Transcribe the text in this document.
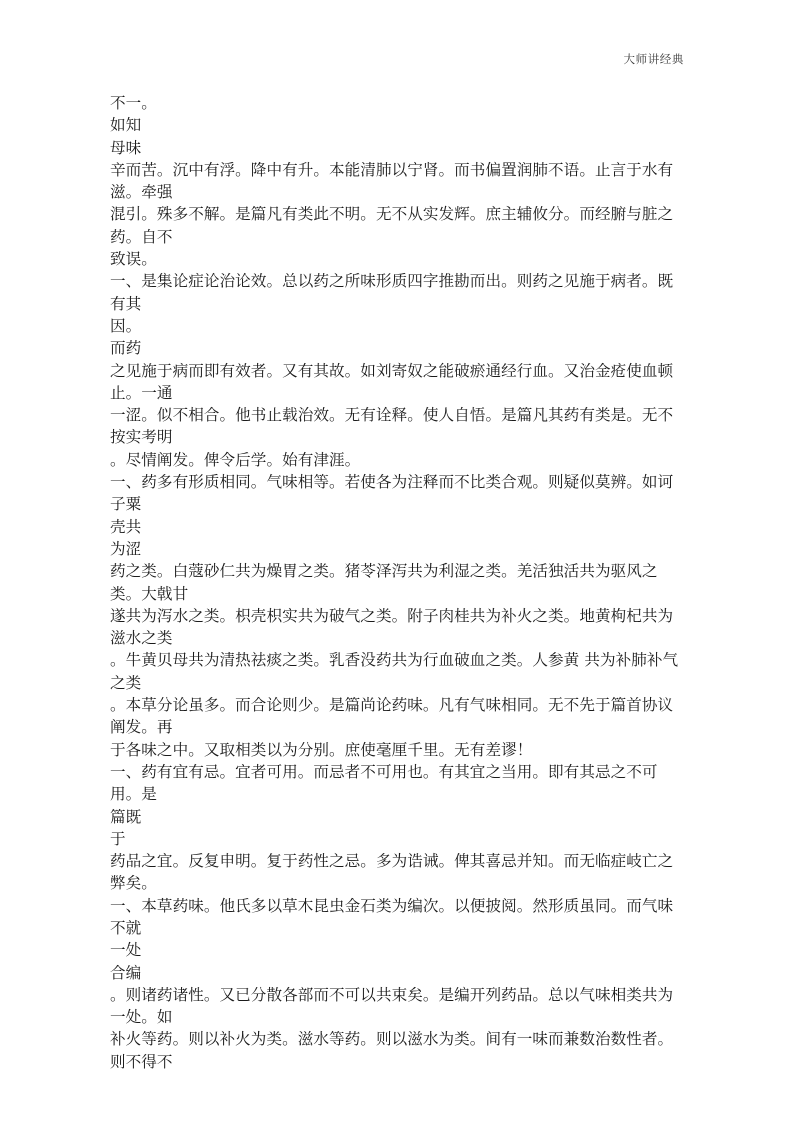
大师讲经典
不一。
如知
母味
辛而苦。沉中有浮。降中有升。本能清肺以宁肾。而书偏置润肺不语。止言于水有滋。牵强
混引。殊多不解。是篇凡有类此不明。无不从实发辉。庶主辅攸分。而经腑与脏之药。自不
致误。
一、是集论症论治论效。总以药之所味形质四字推勘而出。则药之见施于病者。既有其
因。
而药
之见施于病而即有效者。又有其故。如刘寄奴之能破瘀通经行血。又治金疮使血顿止。一通
一涩。似不相合。他书止载治效。无有诠释。使人自悟。是篇凡其药有类是。无不按实考明
。尽情阐发。俾令后学。始有津涯。
一、药多有形质相同。气味相等。若使各为注释而不比类合观。则疑似莫辨。如诃子粟
壳共
为涩
药之类。白蔻砂仁共为燥胃之类。猪苓泽泻共为利湿之类。羌活独活共为驱风之类。大戟甘
遂共为泻水之类。枳壳枳实共为破气之类。附子肉桂共为补火之类。地黄枸杞共为滋水之类
。牛黄贝母共为清热祛痰之类。乳香没药共为行血破血之类。人参黄 共为补肺补气之类
。本草分论虽多。而合论则少。是篇尚论药味。凡有气味相同。无不先于篇首协议阐发。再
于各味之中。又取相类以为分别。庶使毫厘千里。无有差谬！
一、药有宜有忌。宜者可用。而忌者不可用也。有其宜之当用。即有其忌之不可用。是
篇既
于
药品之宜。反复申明。复于药性之忌。多为诰诫。俾其喜忌并知。而无临症岐亡之弊矣。
一、本草药味。他氏多以草木昆虫金石类为编次。以便披阅。然形质虽同。而气味不就
一处
合编
。则诸药诸性。又已分散各部而不可以共束矣。是编开列药品。总以气味相类共为一处。如
补火等药。则以补火为类。滋水等药。则以滋水为类。间有一味而兼数治数性者。则不得不
